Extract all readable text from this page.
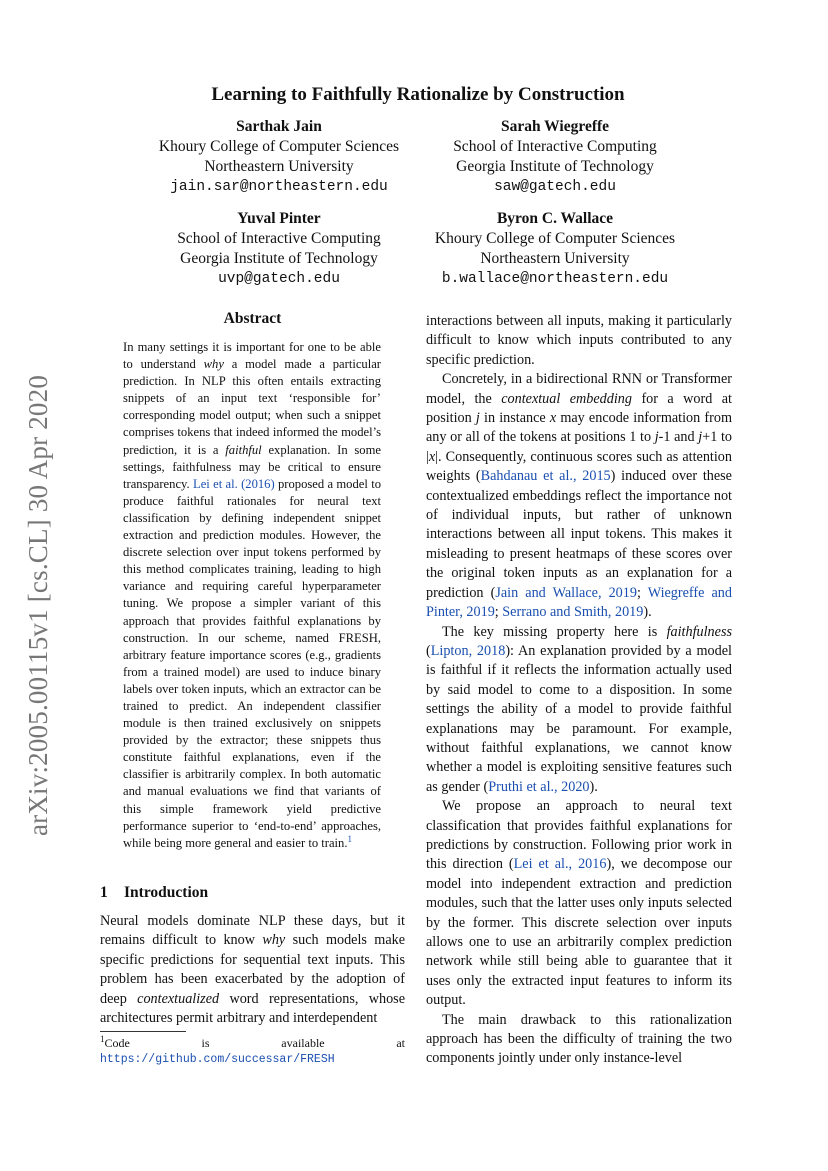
arXiv:2005.00115v1 [cs.CL] 30 Apr 2020
Learning to Faithfully Rationalize by Construction
Sarthak Jain
Khoury College of Computer Sciences
Northeastern University
jain.sar@northeastern.edu
Sarah Wiegreffe
School of Interactive Computing
Georgia Institute of Technology
saw@gatech.edu
Yuval Pinter
School of Interactive Computing
Georgia Institute of Technology
uvp@gatech.edu
Byron C. Wallace
Khoury College of Computer Sciences
Northeastern University
b.wallace@northeastern.edu
Abstract
In many settings it is important for one to be able to understand why a model made a particular prediction. In NLP this often entails extracting snippets of an input text ‘responsible for’ corresponding model output; when such a snippet comprises tokens that indeed informed the model’s prediction, it is a faithful explanation. In some settings, faithfulness may be critical to ensure transparency. Lei et al. (2016) proposed a model to produce faithful rationales for neural text classification by defining independent snippet extraction and prediction modules. However, the discrete selection over input tokens performed by this method complicates training, leading to high variance and requiring careful hyperparameter tuning. We propose a simpler variant of this approach that provides faithful explanations by construction. In our scheme, named FRESH, arbitrary feature importance scores (e.g., gradients from a trained model) are used to induce binary labels over token inputs, which an extractor can be trained to predict. An independent classifier module is then trained exclusively on snippets provided by the extractor; these snippets thus constitute faithful explanations, even if the classifier is arbitrarily complex. In both automatic and manual evaluations we find that variants of this simple framework yield predictive performance superior to ‘end-to-end’ approaches, while being more general and easier to train.$^1$
1 Introduction
Neural models dominate NLP these days, but it remains difficult to know why such models make specific predictions for sequential text inputs. This problem has been exacerbated by the adoption of deep contextualized word representations, whose architectures permit arbitrary and interdependent
$^1$Code is available at https://github.com/successar/FRESH

interactions between all inputs, making it particularly difficult to know which inputs contributed to any specific prediction.

Concretely, in a bidirectional RNN or Transformer model, the contextual embedding for a word at position j in instance x may encode information from any or all of the tokens at positions 1 to j-1 and j+1 to |x|. Consequently, continuous scores such as attention weights (Bahdanau et al., 2015) induced over these contextualized embeddings reflect the importance not of individual inputs, but rather of unknown interactions between all input tokens. This makes it misleading to present heatmaps of these scores over the original token inputs as an explanation for a prediction (Jain and Wallace, 2019; Wiegreffe and Pinter, 2019; Serrano and Smith, 2019).

The key missing property here is faithfulness (Lipton, 2018): An explanation provided by a model is faithful if it reflects the information actually used by said model to come to a disposition. In some settings the ability of a model to provide faithful explanations may be paramount. For example, without faithful explanations, we cannot know whether a model is exploiting sensitive features such as gender (Pruthi et al., 2020).

We propose an approach to neural text classification that provides faithful explanations for predictions by construction. Following prior work in this direction (Lei et al., 2016), we decompose our model into independent extraction and prediction modules, such that the latter uses only inputs selected by the former. This discrete selection over inputs allows one to use an arbitrarily complex prediction network while still being able to guarantee that it uses only the extracted input features to inform its output.

The main drawback to this rationalization approach has been the difficulty of training the two components jointly under only instance-level
